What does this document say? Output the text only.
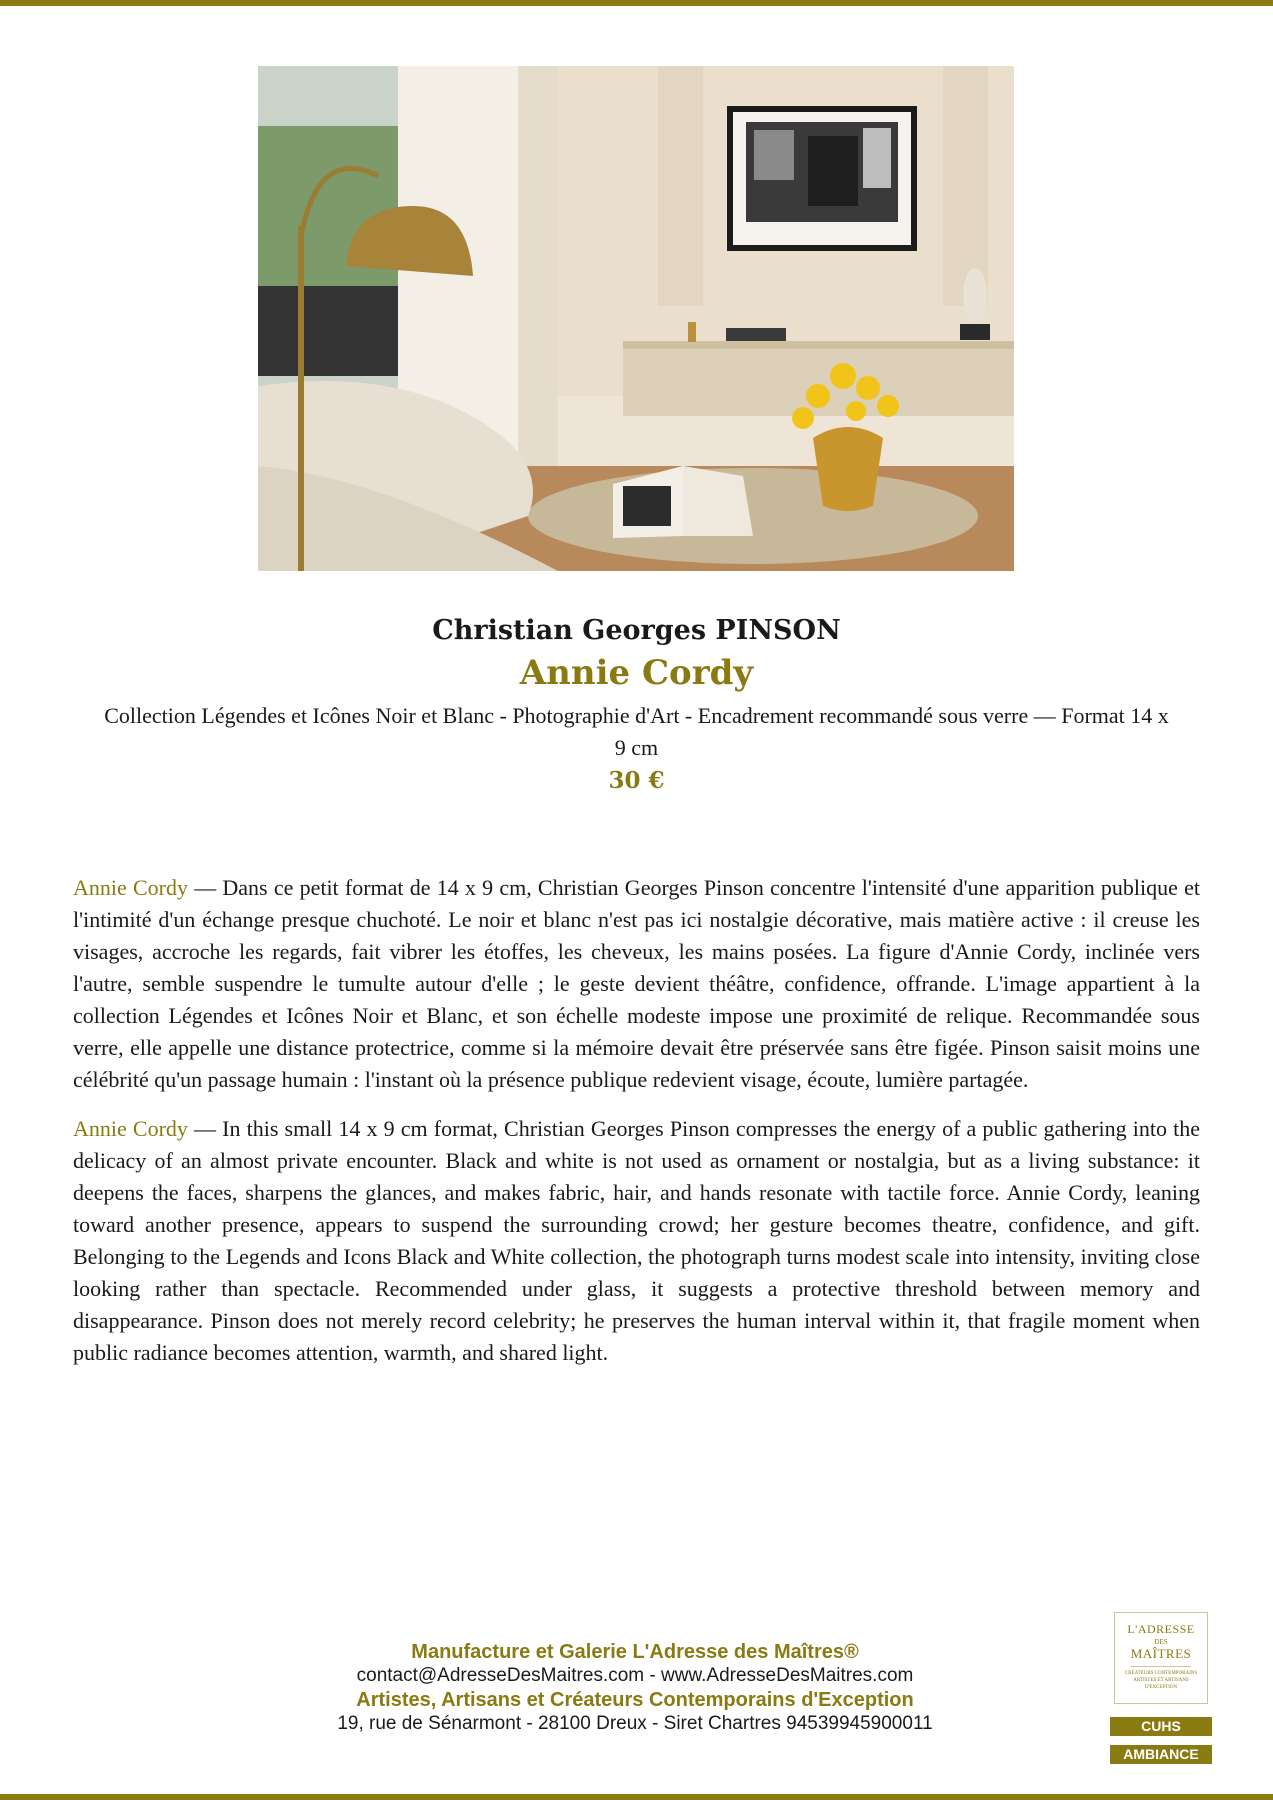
Christian Georges PINSON
Annie Cordy
Collection Légendes et Icônes Noir et Blanc - Photographie d'Art - Encadrement recommandé sous verre — Format 14 x 9 cm
30 €

Annie Cordy — Dans ce petit format de 14 x 9 cm, Christian Georges Pinson concentre l'intensité d'une apparition publique et l'intimité d'un échange presque chuchoté. Le noir et blanc n'est pas ici nostalgie décorative, mais matière active : il creuse les visages, accroche les regards, fait vibrer les étoffes, les cheveux, les mains posées. La figure d'Annie Cordy, inclinée vers l'autre, semble suspendre le tumulte autour d'elle ; le geste devient théâtre, confidence, offrande. L'image appartient à la collection Légendes et Icônes Noir et Blanc, et son échelle modeste impose une proximité de relique. Recommandée sous verre, elle appelle une distance protectrice, comme si la mémoire devait être préservée sans être figée. Pinson saisit moins une célébrité qu'un passage humain : l'instant où la présence publique redevient visage, écoute, lumière partagée.

Annie Cordy — In this small 14 x 9 cm format, Christian Georges Pinson compresses the energy of a public gathering into the delicacy of an almost private encounter. Black and white is not used as ornament or nostalgia, but as a living substance: it deepens the faces, sharpens the glances, and makes fabric, hair, and hands resonate with tactile force. Annie Cordy, leaning toward another presence, appears to suspend the surrounding crowd; her gesture becomes theatre, confidence, and gift. Belonging to the Legends and Icons Black and White collection, the photograph turns modest scale into intensity, inviting close looking rather than spectacle. Recommended under glass, it suggests a protective threshold between memory and disappearance. Pinson does not merely record celebrity; he preserves the human interval within it, that fragile moment when public radiance becomes attention, warmth, and shared light.

Manufacture et Galerie L'Adresse des Maîtres®
contact@AdresseDesMaitres.com - www.AdresseDesMaitres.com
Artistes, Artisans et Créateurs Contemporains d'Exception
19, rue de Sénarmont - 28100 Dreux - Siret Chartres 94539945900011
L'ADRESSE
DES
MAÎTRES
CRÉATEURS CONTEMPORAINS ARTISTES ET ARTISANS D'EXCEPTION
CUHS
AMBIANCE
